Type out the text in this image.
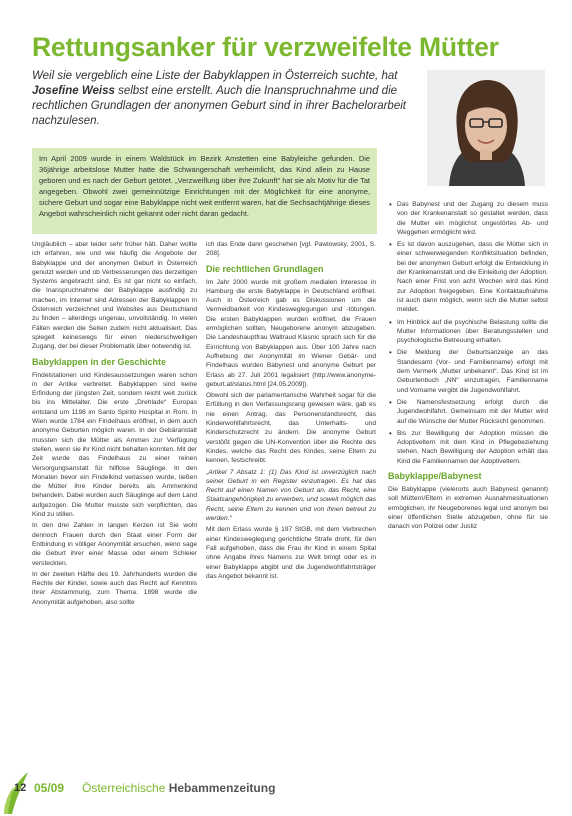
Rettungsanker für verzweifelte Mütter

Weil sie vergeblich eine Liste der Babyklappen in Österreich suchte, hat Josefine Weiss selbst eine erstellt. Auch die Inanspruchnahme und die rechtlichen Grundlagen der anonymen Geburt sind in ihrer Bachelorarbeit nachzulesen.

Im April 2009 wurde in einem Waldstück im Bezirk Amstetten eine Babyleiche gefunden. Die 36jährige arbeitslose Mutter hatte die Schwangerschaft verheimlicht, das Kind allein zu Hause geboren und es nach der Geburt getötet. „Verzweiflung über ihre Zukunft“ hat sie als Motiv für die Tat angegeben. Obwohl zwei gemeinnützige Einrichtungen mit der Möglichkeit für eine anonyme, sichere Geburt und sogar eine Babyklappe nicht weit entfernt waren, hat die Sechsachtjährige dieses Angebot wahrscheinlich nicht gekannt oder nicht daran gedacht.

Ungläublich – aber leider sehr früher hält. Daher wollte ich erfahren, wie und wie häufig die Angebote der Babyklappe und der anonymen Geburt in Österreich genutzt werden und ob Verbesserungen des derzeitigen Systems angebracht sind. Es ist gar nicht so einfach, die Inanspruchnahme der Babyklappe ausfindig zu machen, im Internet sind Adressen der Babyklappen in Österreich verzeichnet und Websites aus Deutschland zu finden – allerdings ungenau, unvollständig. In vielen Fällen werden die Seiten zudem nicht aktualisiert. Das spiegelt keineswegs für einen niederschwelligen Zugang, der bei dieser Problematik über notwendig ist.

Babyklappen in der Geschichte

Findelstationen und Kindesaussetzungen waren schon in der Antike verbreitet. Babyklappen sind keine Erfindung der jüngsten Zeit, sondern reicht weit zurück bis ins Mittelalter. Die erste „Drehlade“ Europas entstand um 1198 im Santo Spirito Hospital in Rom. In Wien wurde 1784 ein Findelhaus eröffnet, in dem auch anonyme Geburten möglich waren. In der Gebäranstalt mussten sich die Mütter als Ammen zur Verfügung stellen, wenn sie ihr Kind nicht behalten konnten. Mit der Zeit wurde das Findelhaus zu einer reinen Versorgungsanstalt für hilflose Säuglinge. In den Monaten bevor ein Findelkind verlassen wurde, ließen die Mütter ihre Kinder bereits als Ammenkind behandeln. Dabei wurden auch Säuglinge auf dem Land aufgezogen. Die Mutter musste sich verpflichten, das Kind zu stillen.

In den drei Zahlen in langen Kerzen ist Sie wohl dennoch Frauen durch den Staat einer Form der Entbindung in völliger Anonymität ersuchen, wenn sage die Geburt ihrer einer Masse oder einem Schleier versteckten.

In der zweiten Hälfte des 19. Jahrhunderts wurden die Rechte der Kinder, sowie auch das Recht auf Kenntnis ihrer Abstammung, zum Thema. 1898 wurde die Anonymität aufgehoben, also sollte

ich das Ende dann geschehen [vgl. Pawlowsky, 2001, S. 208].

Die rechtlichen Grundlagen

Im Jahr 2000 wurde mit großem medialen Interesse in Hamburg die erste Babyklappe in Deutschland eröffnet. Auch in Österreich gab es Diskussionen um die Vermeidbarkeit von Kindesweglegungen und -tötungen. Die ersten Babyklappen wurden eröffnet, die Frauen ermöglichen sollten, Neugeborene anonym abzugeben. Die Landeshauptfrau Waltraud Klasnic sprach sich für die Einrichtung von Babyklappen aus. Über 100 Jahre nach Aufhebung der Anonymität im Wiener Gebär- und Findelhaus wurden Babynest und anonyme Geburt per Erlass ab 27. Juli 2001 legalisiert (http://www.anonyme-geburt.at/status.html [24.05.2009]).

Obwohl sich der parlamentarische Wahrheit sogar für die Erfüllung in den Verfassungsrang gewesen wäre, gab es nie einen Antrag, das Personenstandsrecht, das Kinderwohlfahrtsrecht, das Unterhalts- und Kinderschutzrecht zu ändern. Die anonyme Geburt verstößt gegen die UN-Konvention über die Rechte des Kindes, welche das Recht des Kindes, seine Eltern zu kennen, festschreibt.

„Artikel 7 Absatz 1: (1) Das Kind ist unverzüglich nach seiner Geburt in ein Register einzutragen. Es hat das Recht auf einen Namen von Geburt an, das Recht, eine Staatsangehörigkeit zu erwerben, und soweit möglich das Recht, seine Eltern zu kennen und von ihnen betreut zu werden.“

Mit dem Erlass wurde § 197 StGB, mit dem Verbrechen einer Kindesweglegung gerichtliche Strafe droht, für den Fall aufgehoben, dass die Frau ihr Kind in einem Spital ohne Angabe ihres Namens zur Welt bringt oder es in einer Babyklappe abgibt und die Jugendwohlfahrtsträger das Angebot bekannt ist.

• Das Babynest und der Zugang zu diesem muss von der Krankenanstalt so gestaltet werden, dass die Mutter ein möglichst ungestörtes Ab- und Weggehen ermöglicht wird.
• Es ist davon auszugehen, dass die Mütter sich in einer schwerwiegenden Konfliktsituation befinden, bei der anonymen Geburt erfolgt die Entwicklung in der Krankenanstalt und die Einleitung der Adoption. Nach einer Frist von acht Wochen wird das Kind zur Adoption freigegeben. Eine Kontaktaufnahme ist auch dann möglich, wenn sich die Mutter selbst meldet.
• Im Hinblick auf die psychische Belastung sollte die Mutter Informationen über Beratungsstellen und psychologische Betreuung erhalten.
• Die Meldung der Geburtsanzeige an das Standesamt (Vor- und Familienname) erfolgt mit dem Vermerk „Mutter unbekannt“. Das Kind ist im Geburtenbuch „NN“ einzutragen, Familienname und Vorname vergibt die Jugendwohlfahrt.
• Die Namensfestsetzung erfolgt durch die Jugendwohlfahrt. Gemeinsam mit der Mutter wird auf die Wünsche der Mutter Rücksicht genommen.
• Bis zur Bewilligung der Adoption müssen die Adoptiveltern mit dem Kind in Pflegebeziehung stehen. Nach Bewilligung der Adoption erhält das Kind die Familiennamen der Adoptiveltern.
Babyklappe/Babynest

Die Babyklappe (vielerorts auch Babynest genannt) soll Müttern/Eltern in extremen Ausnahmesituationen ermöglichen, ihr Neugeborenes legal und anonym bei einer öffentlichen Stelle abzugeben, ohne für sie danach von Polizei oder Justiz

12 05/09 Österreichische Hebammenzeitung
